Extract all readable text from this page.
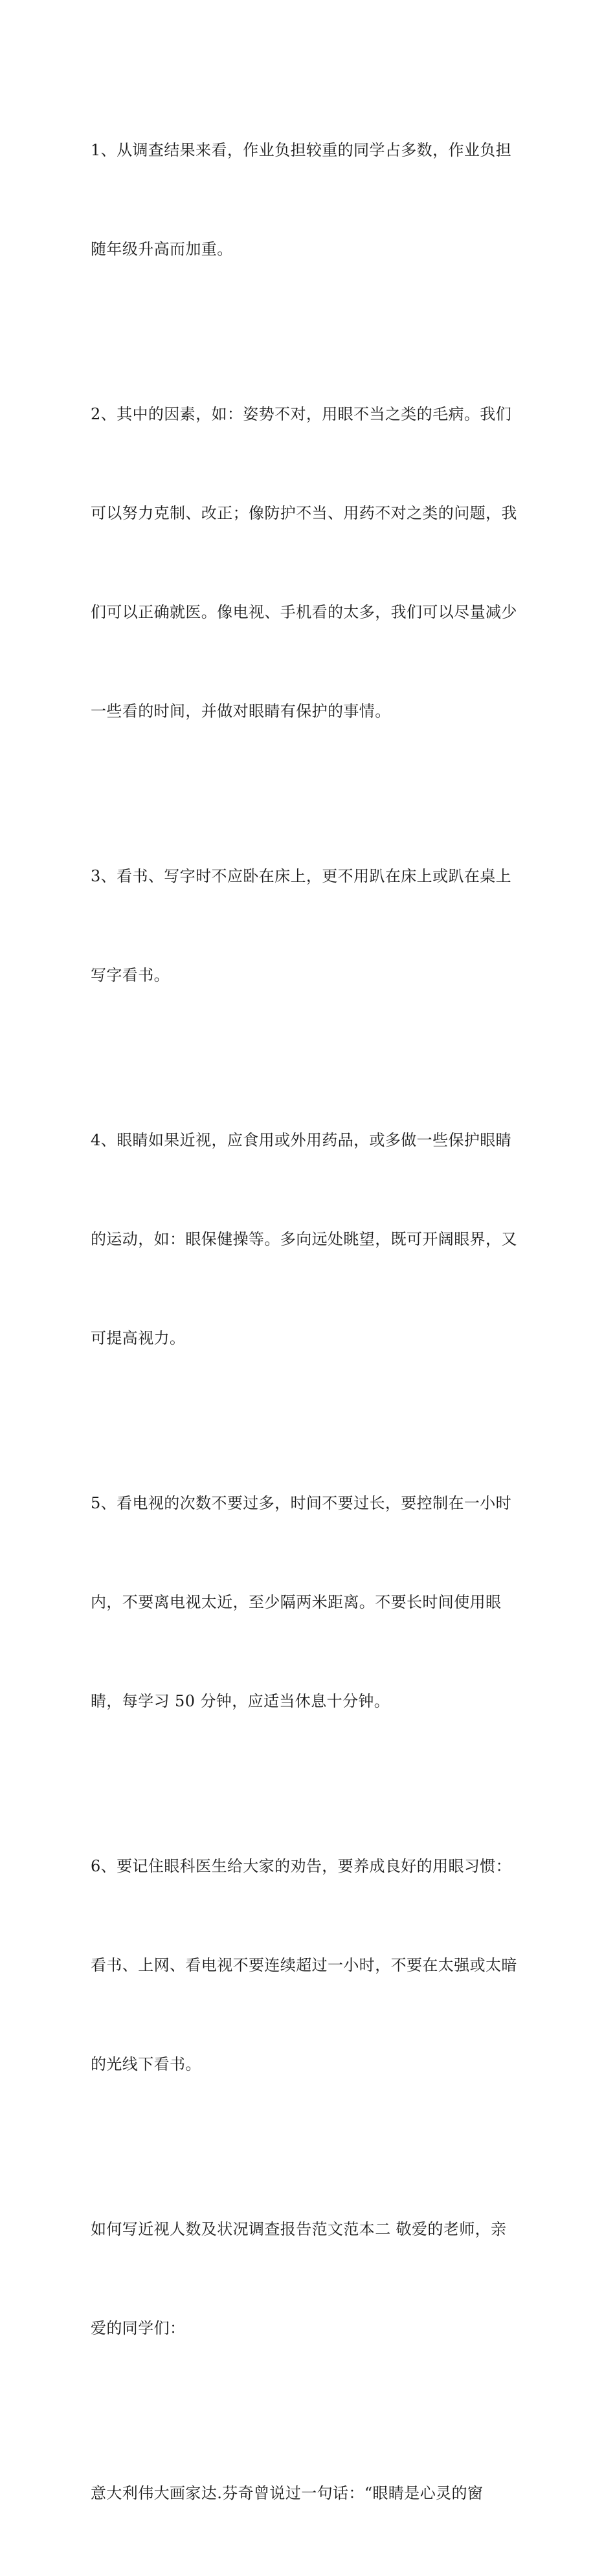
1、从调查结果来看，作业负担较重的同学占多数，作业负担

随年级升高而加重。

2、其中的因素，如：姿势不对，用眼不当之类的毛病。我们

可以努力克制、改正；像防护不当、用药不对之类的问题，我

们可以正确就医。像电视、手机看的太多，我们可以尽量减少

一些看的时间，并做对眼睛有保护的事情。

3、看书、写字时不应卧在床上，更不用趴在床上或趴在桌上

写字看书。

4、眼睛如果近视，应食用或外用药品，或多做一些保护眼睛

的运动，如：眼保健操等。多向远处眺望，既可开阔眼界，又

可提高视力。

5、看电视的次数不要过多，时间不要过长，要控制在一小时

内，不要离电视太近，至少隔两米距离。不要长时间使用眼

睛，每学习 50 分钟，应适当休息十分钟。

6、要记住眼科医生给大家的劝告，要养成良好的用眼习惯：

看书、上网、看电视不要连续超过一小时，不要在太强或太暗

的光线下看书。

如何写近视人数及状况调查报告范文范本二 敬爱的老师，亲

爱的同学们：

意大利伟大画家达.芬奇曾说过一句话：“眼睛是心灵的窗
